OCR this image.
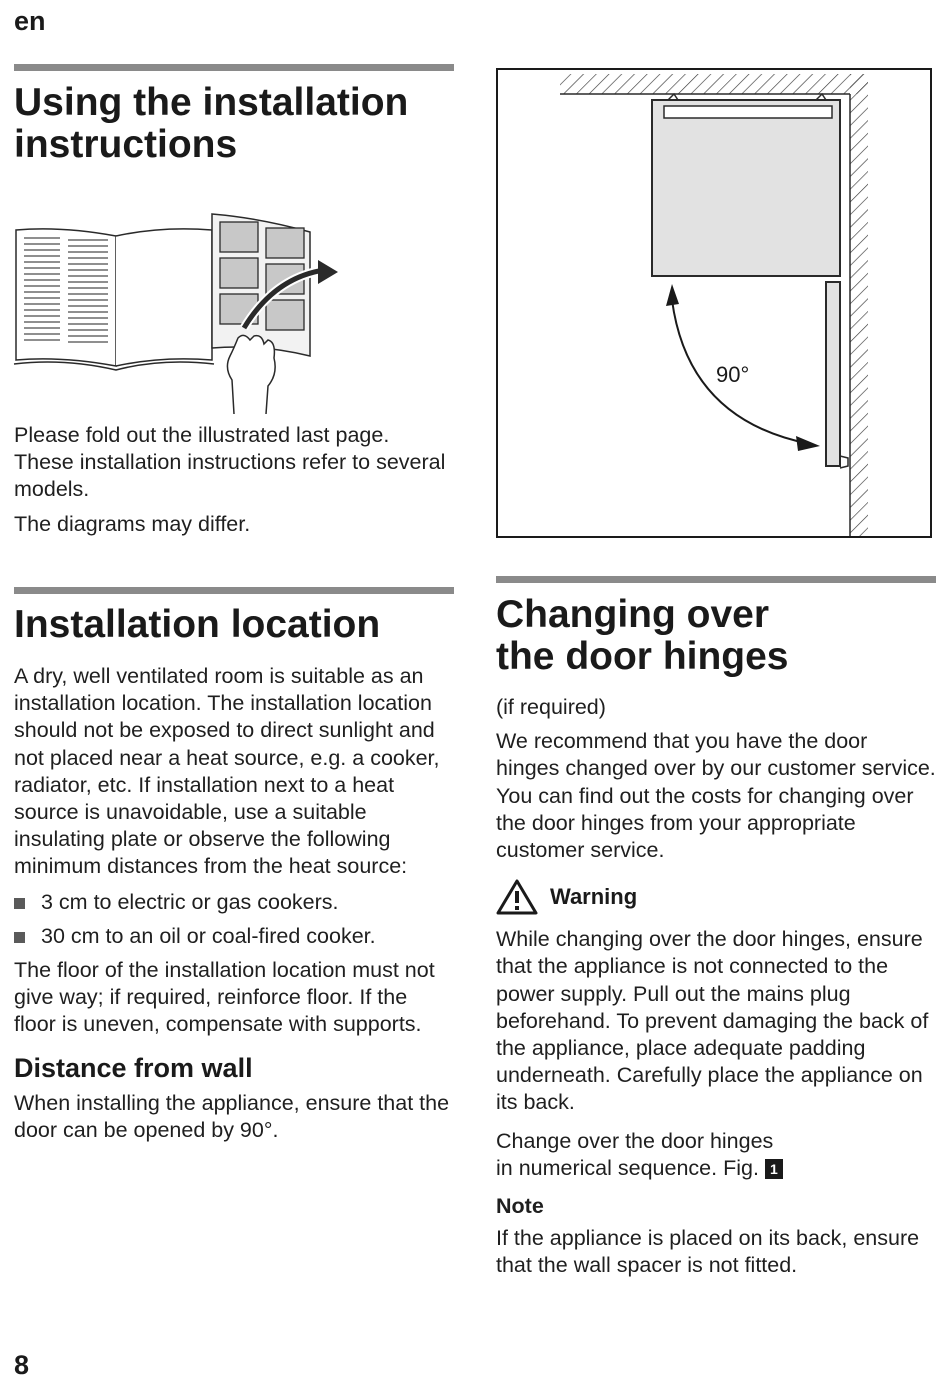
en
8
Using the installation instructions

Please fold out the illustrated last page. These installation instructions refer to several models.

The diagrams may differ.

Installation location

A dry, well ventilated room is suitable as an installation location. The installation location should not be exposed to direct sunlight and not placed near a heat source, e.g. a cooker, radiator, etc. If installation next to a heat source is unavoidable, use a suitable insulating plate or observe the following minimum distances from the heat source:

3 cm to electric or gas cookers.
30 cm to an oil or coal-fired cooker.

The floor of the installation location must not give way; if required, reinforce floor. If the floor is uneven, compensate with supports.

Distance from wall

When installing the appliance, ensure that the door can be opened by 90°.

90°
Changing over
the door hinges

(if required)

We recommend that you have the door hinges changed over by our customer service. You can find out the costs for changing over the door hinges from your appropriate customer service.

Warning

While changing over the door hinges, ensure that the appliance is not connected to the power supply. Pull out the mains plug beforehand. To prevent damaging the back of the appliance, place adequate padding underneath. Carefully place the appliance on its back.

Change over the door hinges
in numerical sequence. Fig. 1

Note

If the appliance is placed on its back, ensure that the wall spacer is not fitted.
